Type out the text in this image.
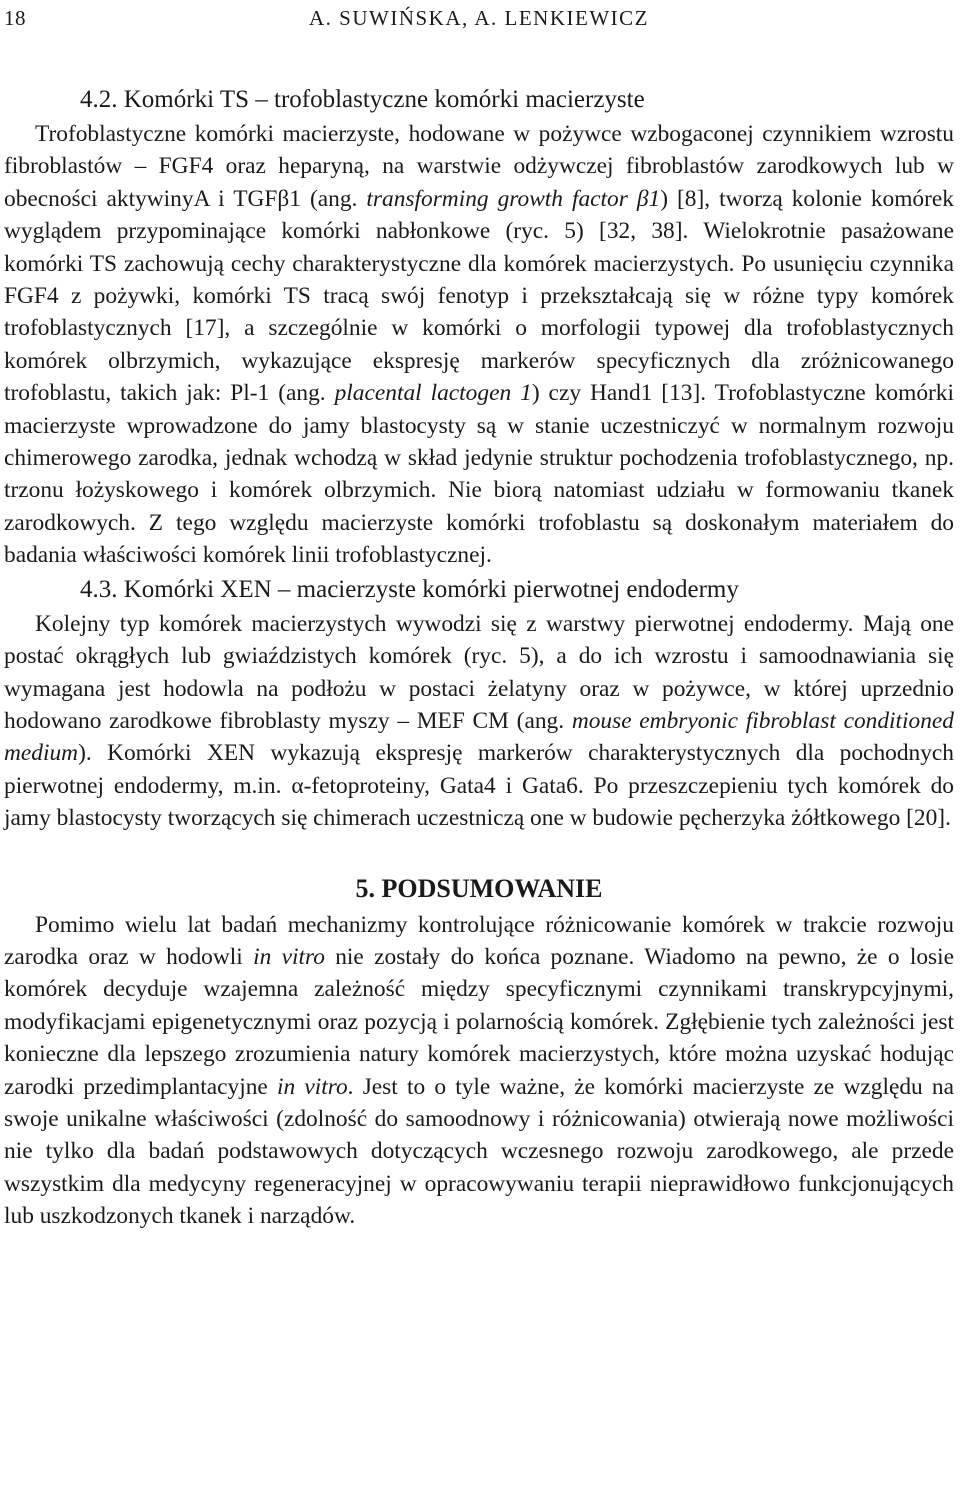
18	A. SUWIŃSKA, A. LENKIEWICZ
4.2. Komórki TS – trofoblastyczne komórki macierzyste

Trofoblastyczne komórki macierzyste, hodowane w pożywce wzbogaconej czynnikiem wzrostu fibroblastów – FGF4 oraz heparyną, na warstwie odżywczej fibroblastów zarodkowych lub w obecności aktywinyA i TGFβ1 (ang. transforming growth factor β1) [8], tworzą kolonie komórek wyglądem przypominające komórki nabłonkowe (ryc. 5) [32, 38]. Wielokrotnie pasażowane komórki TS zachowują cechy charakterystyczne dla komórek macierzystych. Po usunięciu czynnika FGF4 z pożywki, komórki TS tracą swój fenotyp i przekształcają się w różne typy komórek trofoblastycznych [17], a szczególnie w komórki o morfologii typowej dla trofoblastycznych komórek olbrzymich, wykazujące ekspresję markerów specyficznych dla zróżnicowanego trofoblastu, takich jak: Pl-1 (ang. placental lactogen 1) czy Hand1 [13]. Trofoblastyczne komórki macierzyste wprowadzone do jamy blastocysty są w stanie uczestniczyć w normalnym rozwoju chimerowego zarodka, jednak wchodzą w skład jedynie struktur pochodzenia trofoblastycznego, np. trzonu łożyskowego i komórek olbrzymich. Nie biorą natomiast udziału w formowaniu tkanek zarodkowych. Z tego względu macierzyste komórki trofoblastu są doskonałym materiałem do badania właściwości komórek linii trofoblastycznej.

4.3. Komórki XEN – macierzyste komórki pierwotnej endodermy

Kolejny typ komórek macierzystych wywodzi się z warstwy pierwotnej endodermy. Mają one postać okrągłych lub gwiaździstych komórek (ryc. 5), a do ich wzrostu i samoodnawiania się wymagana jest hodowla na podłożu w postaci żelatyny oraz w pożywce, w której uprzednio hodowano zarodkowe fibroblasty myszy – MEF CM (ang. mouse embryonic fibroblast conditioned medium). Komórki XEN wykazują ekspresję markerów charakterystycznych dla pochodnych pierwotnej endodermy, m.in. α-fetoproteiny, Gata4 i Gata6. Po przeszczepieniu tych komórek do jamy blastocysty tworzących się chimerach uczestniczą one w budowie pęcherzyka żółtkowego [20].

5. PODSUMOWANIE

Pomimo wielu lat badań mechanizmy kontrolujące różnicowanie komórek w trakcie rozwoju zarodka oraz w hodowli in vitro nie zostały do końca poznane. Wiadomo na pewno, że o losie komórek decyduje wzajemna zależność między specyficznymi czynnikami transkrypcyjnymi, modyfikacjami epigenetycznymi oraz pozycją i polarnością komórek. Zgłębienie tych zależności jest konieczne dla lepszego zrozumienia natury komórek macierzystych, które można uzyskać hodując zarodki przedimplantacyjne in vitro. Jest to o tyle ważne, że komórki macierzyste ze względu na swoje unikalne właściwości (zdolność do samoodnowy i różnicowania) otwierają nowe możliwości nie tylko dla badań podstawowych dotyczących wczesnego rozwoju zarodkowego, ale przede wszystkim dla medycyny regeneracyjnej w opracowywaniu terapii nieprawidłowo funkcjonujących lub uszkodzonych tkanek i narządów.
